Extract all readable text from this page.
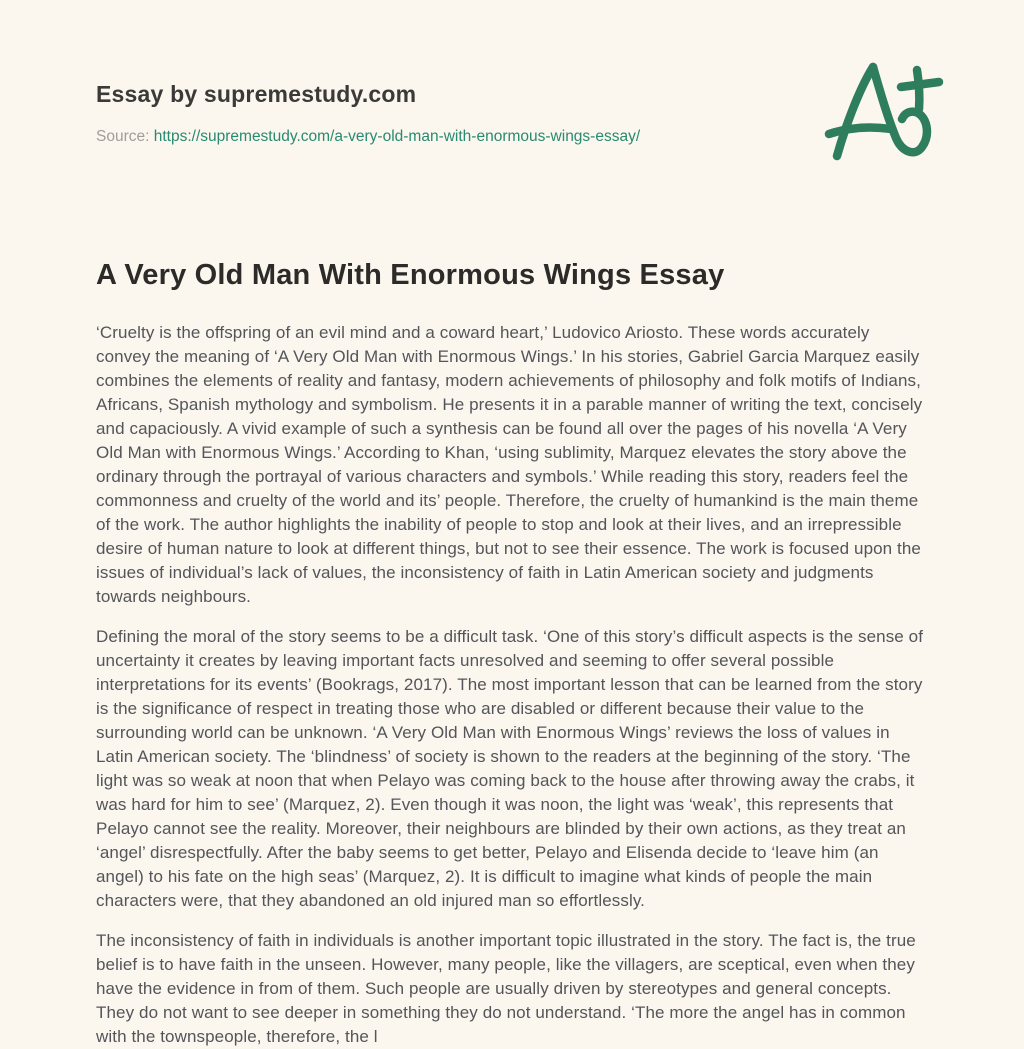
Essay by supremestudy.com
Source: https://supremestudy.com/a-very-old-man-with-enormous-wings-essay/
A Very Old Man With Enormous Wings Essay

‘Cruelty is the offspring of an evil mind and a coward heart,’ Ludovico Ariosto. These words accurately convey the meaning of ‘A Very Old Man with Enormous Wings.’ In his stories, Gabriel Garcia Marquez easily combines the elements of reality and fantasy, modern achievements of philosophy and folk motifs of Indians, Africans, Spanish mythology and symbolism. He presents it in a parable manner of writing the text, concisely and capaciously. A vivid example of such a synthesis can be found all over the pages of his novella ‘A Very Old Man with Enormous Wings.’ According to Khan, ‘using sublimity, Marquez elevates the story above the ordinary through the portrayal of various characters and symbols.’ While reading this story, readers feel the commonness and cruelty of the world and its’ people. Therefore, the cruelty of humankind is the main theme of the work. The author highlights the inability of people to stop and look at their lives, and an irrepressible desire of human nature to look at different things, but not to see their essence. The work is focused upon the issues of individual’s lack of values, the inconsistency of faith in Latin American society and judgments towards neighbours.

Defining the moral of the story seems to be a difficult task. ‘One of this story’s difficult aspects is the sense of uncertainty it creates by leaving important facts unresolved and seeming to offer several possible interpretations for its events’ (Bookrags, 2017). The most important lesson that can be learned from the story is the significance of respect in treating those who are disabled or different because their value to the surrounding world can be unknown. ‘A Very Old Man with Enormous Wings’ reviews the loss of values in Latin American society. The ‘blindness’ of society is shown to the readers at the beginning of the story. ‘The light was so weak at noon that when Pelayo was coming back to the house after throwing away the crabs, it was hard for him to see’ (Marquez, 2). Even though it was noon, the light was ‘weak’, this represents that Pelayo cannot see the reality. Moreover, their neighbours are blinded by their own actions, as they treat an ‘angel’ disrespectfully. After the baby seems to get better, Pelayo and Elisenda decide to ‘leave him (an angel) to his fate on the high seas’ (Marquez, 2). It is difficult to imagine what kinds of people the main characters were, that they abandoned an old injured man so effortlessly.

The inconsistency of faith in individuals is another important topic illustrated in the story. The fact is, the true belief is to have faith in the unseen. However, many people, like the villagers, are sceptical, even when they have the evidence in from of them. Such people are usually driven by stereotypes and general concepts. They do not want to see deeper in something they do not understand. ‘The more the angel has in common with the townspeople, therefore, the l
